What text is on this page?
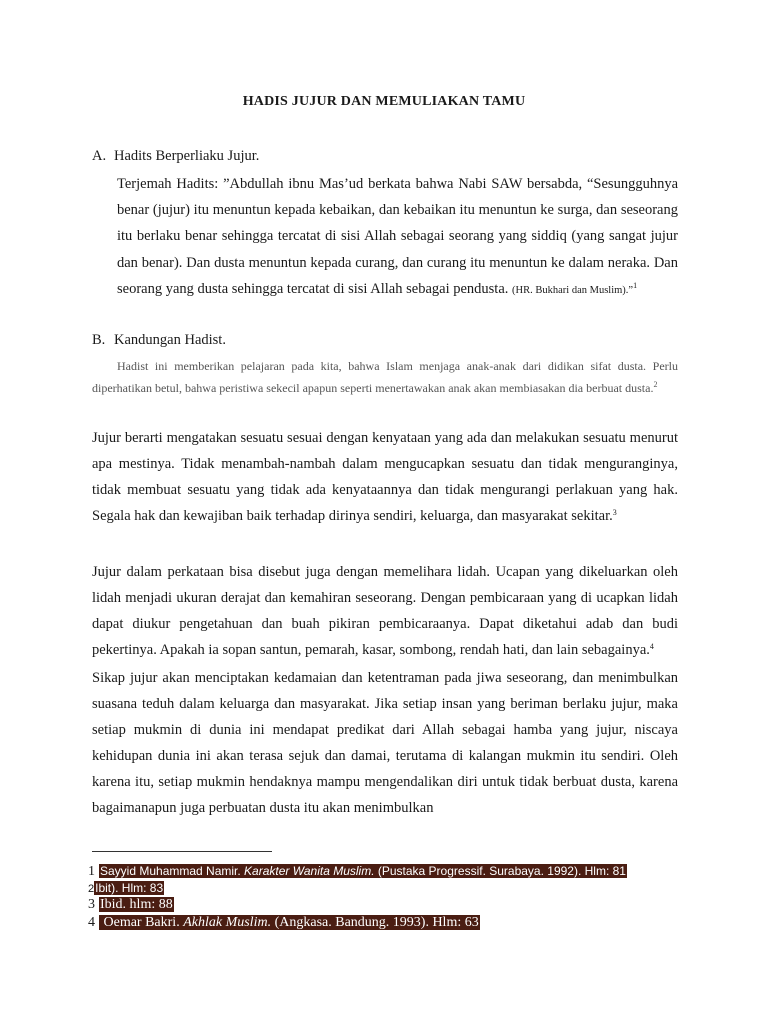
HADIS JUJUR DAN MEMULIAKAN TAMU
A. Hadits Berperliaku Jujur.
Terjemah Hadits: ”Abdullah ibnu Mas’ud berkata bahwa Nabi SAW bersabda, “Sesungguhnya benar (jujur) itu menuntun kepada kebaikan, dan kebaikan itu menuntun ke surga, dan seseorang itu berlaku benar sehingga tercatat di sisi Allah sebagai seorang yang siddiq (yang sangat jujur dan benar). Dan dusta menuntun kepada curang, dan curang itu menuntun ke dalam neraka. Dan seorang yang dusta sehingga tercatat di sisi Allah sebagai pendusta. (HR. Bukhari dan Muslim).”$^1$
B. Kandungan Hadist.
Hadist ini memberikan pelajaran pada kita, bahwa Islam menjaga anak-anak dari didikan sifat dusta. Perlu diperhatikan betul, bahwa peristiwa sekecil apapun seperti menertawakan anak akan membiasakan dia berbuat dusta.$^2$
Jujur berarti mengatakan sesuatu sesuai dengan kenyataan yang ada dan melakukan sesuatu menurut apa mestinya. Tidak menambah-nambah dalam mengucapkan sesuatu dan tidak menguranginya, tidak membuat sesuatu yang tidak ada kenyataannya dan tidak mengurangi perlakuan yang hak. Segala hak dan kewajiban baik terhadap dirinya sendiri, keluarga, dan masyarakat sekitar.$^3$
Jujur dalam perkataan bisa disebut juga dengan memelihara lidah. Ucapan yang dikeluarkan oleh lidah menjadi ukuran derajat dan kemahiran seseorang. Dengan pembicaraan yang di ucapkan lidah dapat diukur pengetahuan dan buah pikiran pembicaraanya. Dapat diketahui adab dan budi pekertinya. Apakah ia sopan santun, pemarah, kasar, sombong, rendah hati, dan lain sebagainya.$^4$
Sikap jujur akan menciptakan kedamaian dan ketentraman pada jiwa seseorang, dan menimbulkan suasana teduh dalam keluarga dan masyarakat. Jika setiap insan yang beriman berlaku jujur, maka setiap mukmin di dunia ini mendapat predikat dari Allah sebagai hamba yang jujur, niscaya kehidupan dunia ini akan terasa sejuk dan damai, terutama di kalangan mukmin itu sendiri. Oleh karena itu, setiap mukmin hendaknya mampu mengendalikan diri untuk tidak berbuat dusta, karena bagaimanapun juga perbuatan dusta itu akan menimbulkan
1 Sayyid Muhammad Namir. Karakter Wanita Muslim. (Pustaka Progressif. Surabaya. 1992). Hlm: 81
2Ibit). Hlm: 83
3 Ibid. hlm: 88
4 Oemar Bakri. Akhlak Muslim. (Angkasa. Bandung. 1993). Hlm: 63
